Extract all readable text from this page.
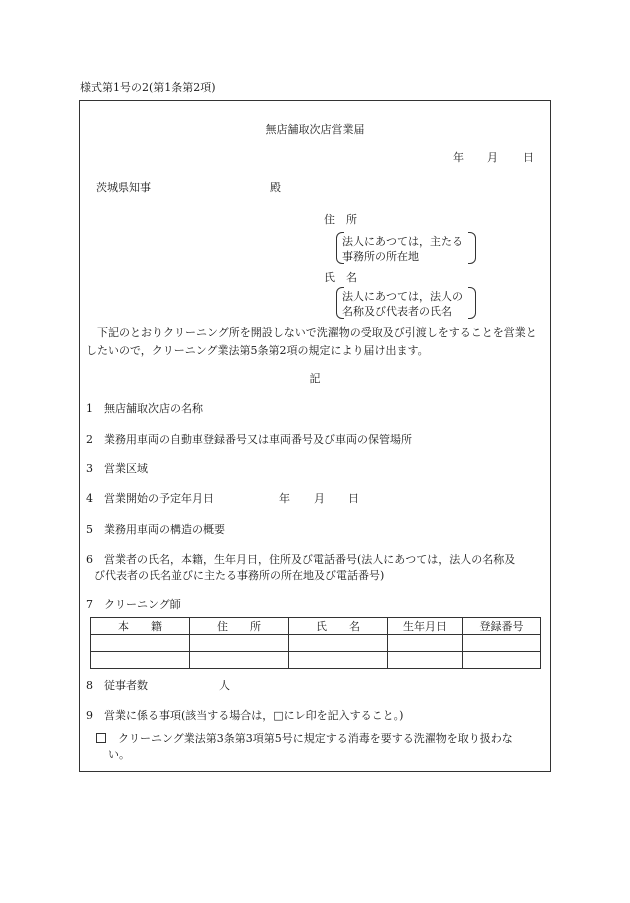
様式第1号の2(第1条第2項)
無店舗取次店営業届
年 月 日
茨城県知事	殿
住　所
法人にあつては，主たる
事務所の所在地
氏　名
法人にあつては，法人の
名称及び代表者の氏名
下記のとおりクリーニング所を開設しないで洗濯物の受取及び引渡しをすることを営業としたいので，クリーニング業法第5条第2項の規定により届け出ます。
記
1　無店舗取次店の名称
2　業務用車両の自動車登録番号又は車両番号及び車両の保管場所
3　営業区域
4　営業開始の予定年月日	年 月 日
5　業務用車両の構造の概要
6　営業者の氏名，本籍，生年月日，住所及び電話番号(法人にあつては，法人の名称及
び代表者の氏名並びに主たる事務所の所在地及び電話番号)
7　クリーニング師
本　　籍	住　　所	氏　　名	生年月日	登録番号

8　従事者数	人
9　営業に係る事項(該当する場合は，□にレ印を記入すること。)
クリーニング業法第3条第3項第5号に規定する消毒を要する洗濯物を取り扱わな
い。
